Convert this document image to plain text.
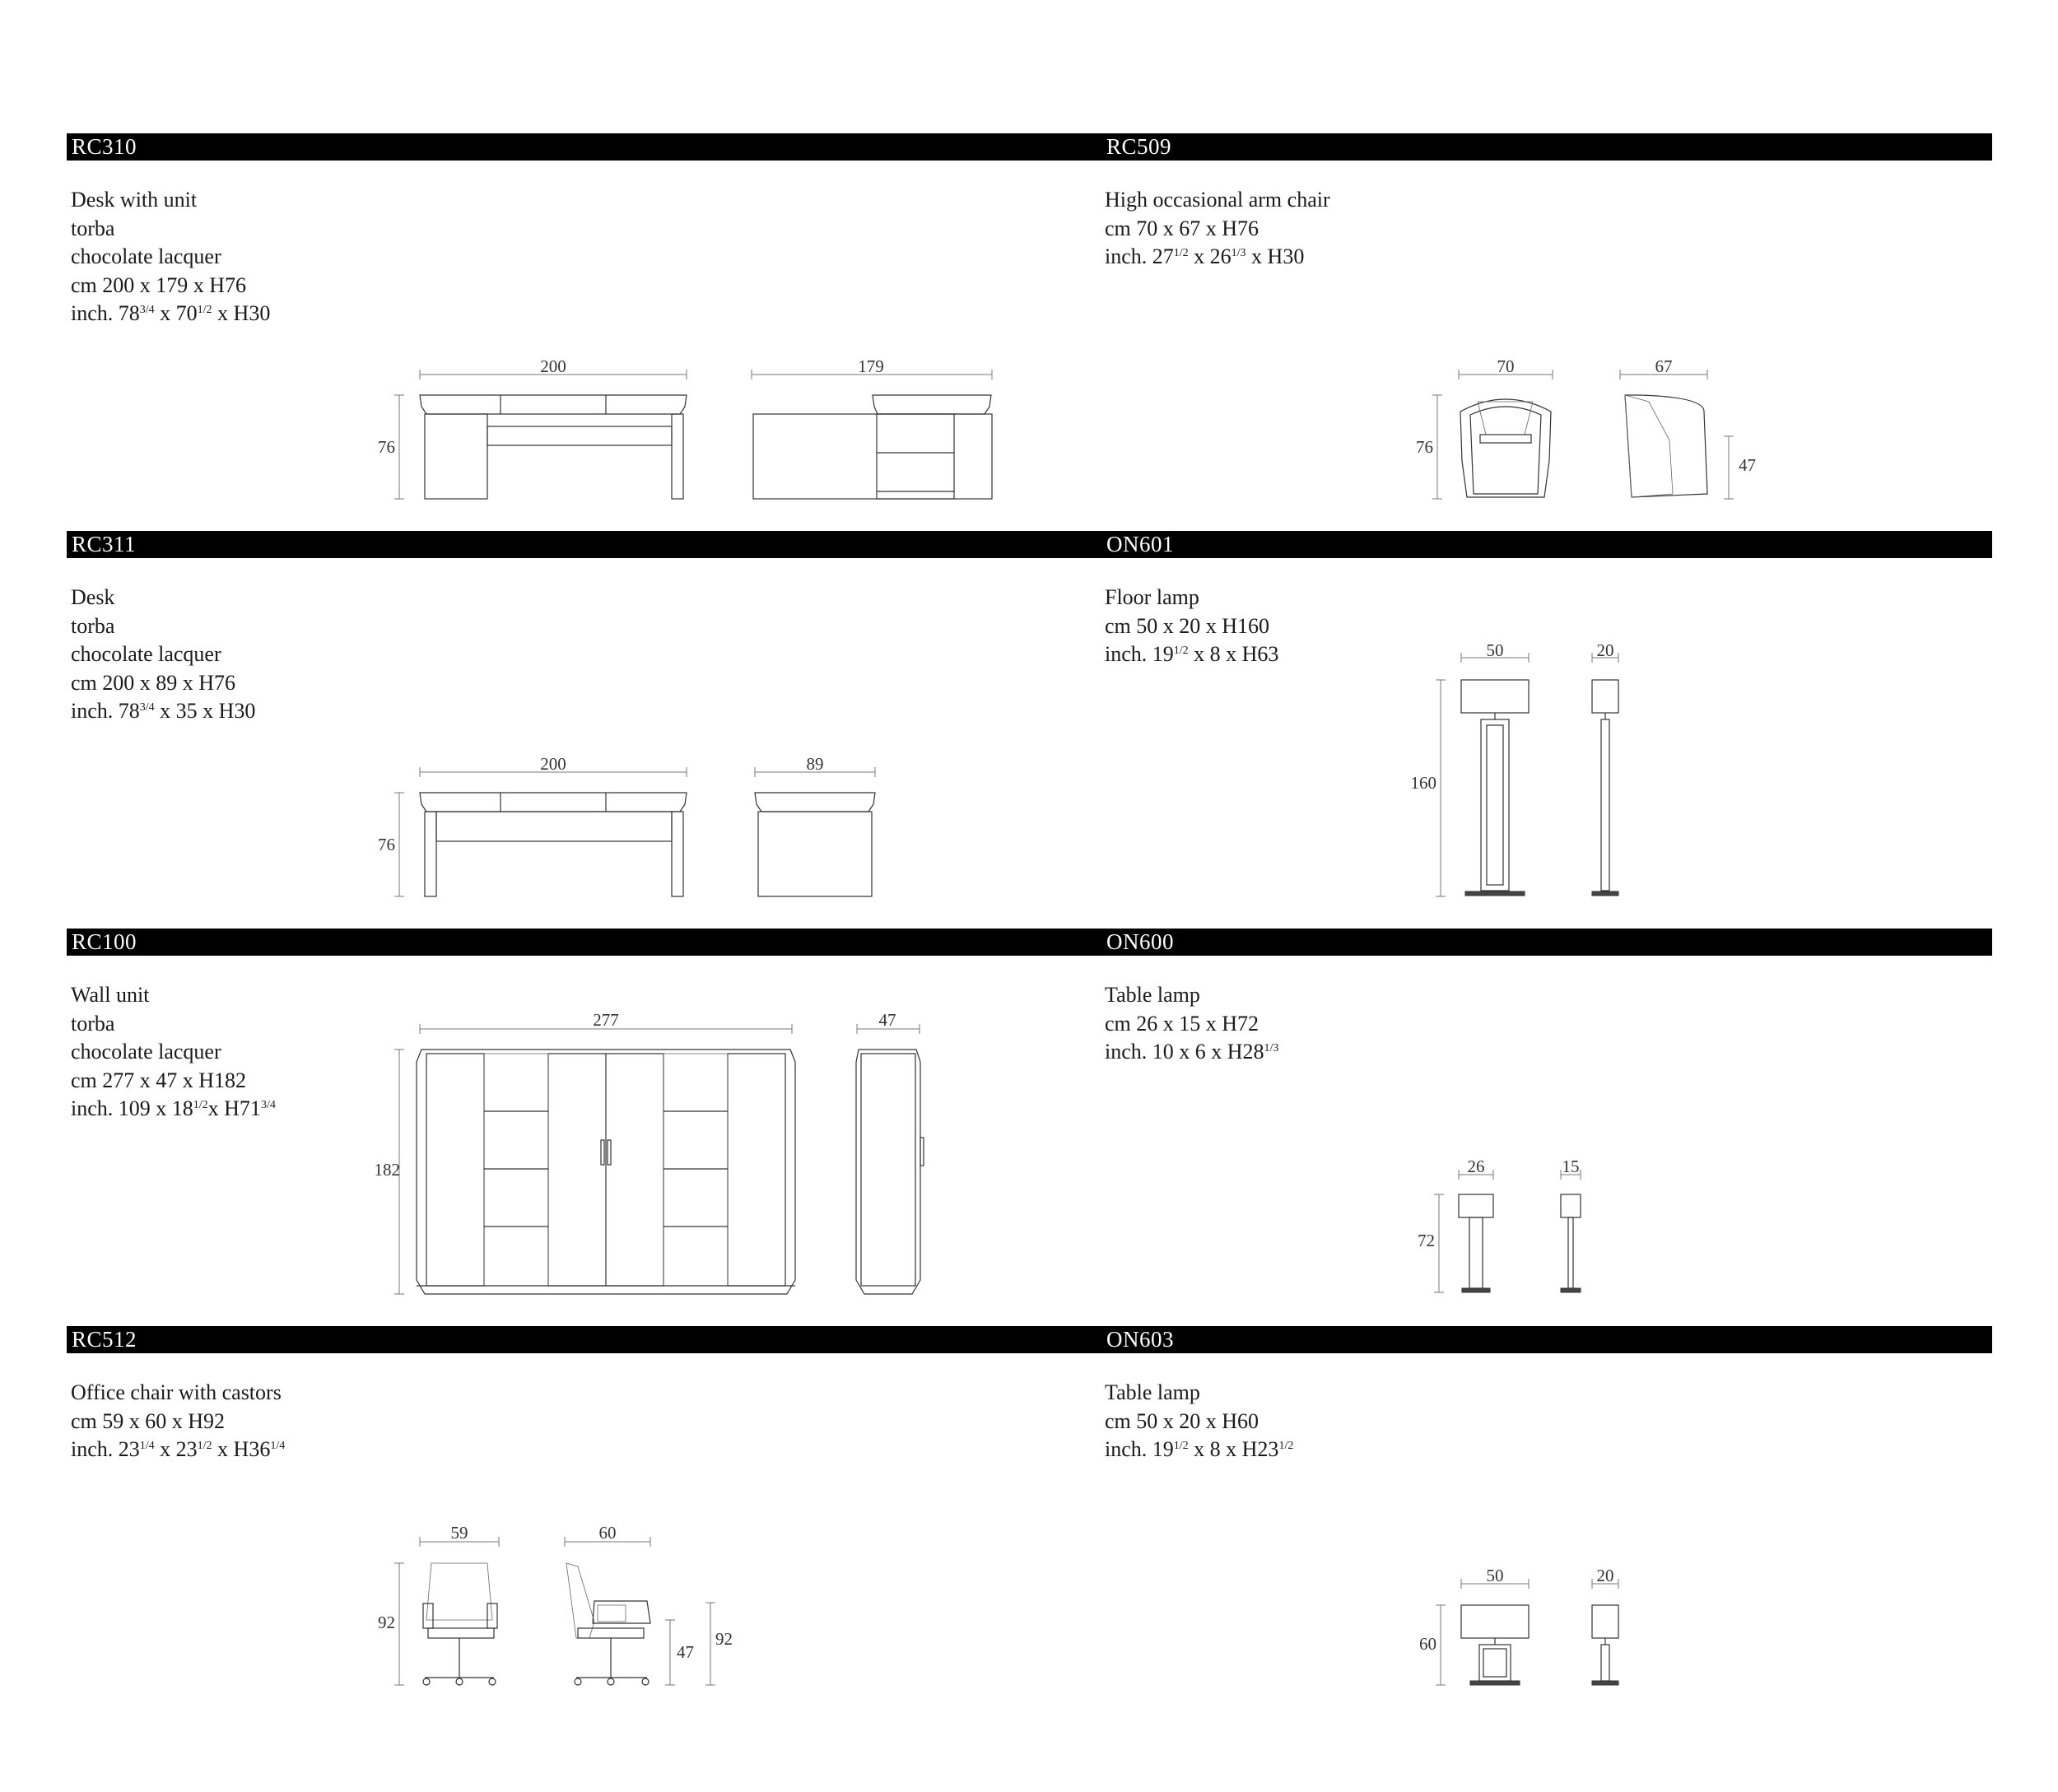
RC310	RC509
RC311	ON601
RC100	ON600
RC512	ON603
Desk with unit
torba
chocolate lacquer
cm 200 x 179 x H76
inch. $78^{3/4}$ x $70^{1/2}$ x H30
High occasional arm chair
cm 70 x 67 x H76
inch. $27^{1/2}$ x $26^{1/3}$ x H30
Desk
torba
chocolate lacquer
cm 200 x 89 x H76
inch. $78^{3/4}$ x 35 x H30
Floor lamp
cm 50 x 20 x H160
inch. $19^{1/2}$ x 8 x H63
Wall unit
torba
chocolate lacquer
cm 277 x 47 x H182
inch. 109 x $18^{1/2}x$ $H71^{3/4}$
Table lamp
cm 26 x 15 x H72
inch. 10 x 6 x $H28^{1/3}$
Office chair with castors
cm 59 x 60 x H92
inch. $23^{1/4}$ x $23^{1/2}$ x $H36^{1/4}$
Table lamp
cm 50 x 20 x H60
inch. $19^{1/2}$ x 8 x $H23^{1/2}$
200
76
179	70
76
67
47
200
76
89
50
160
20
277
182
47
26
72
15
59
92
60
47
92
50
60
20
